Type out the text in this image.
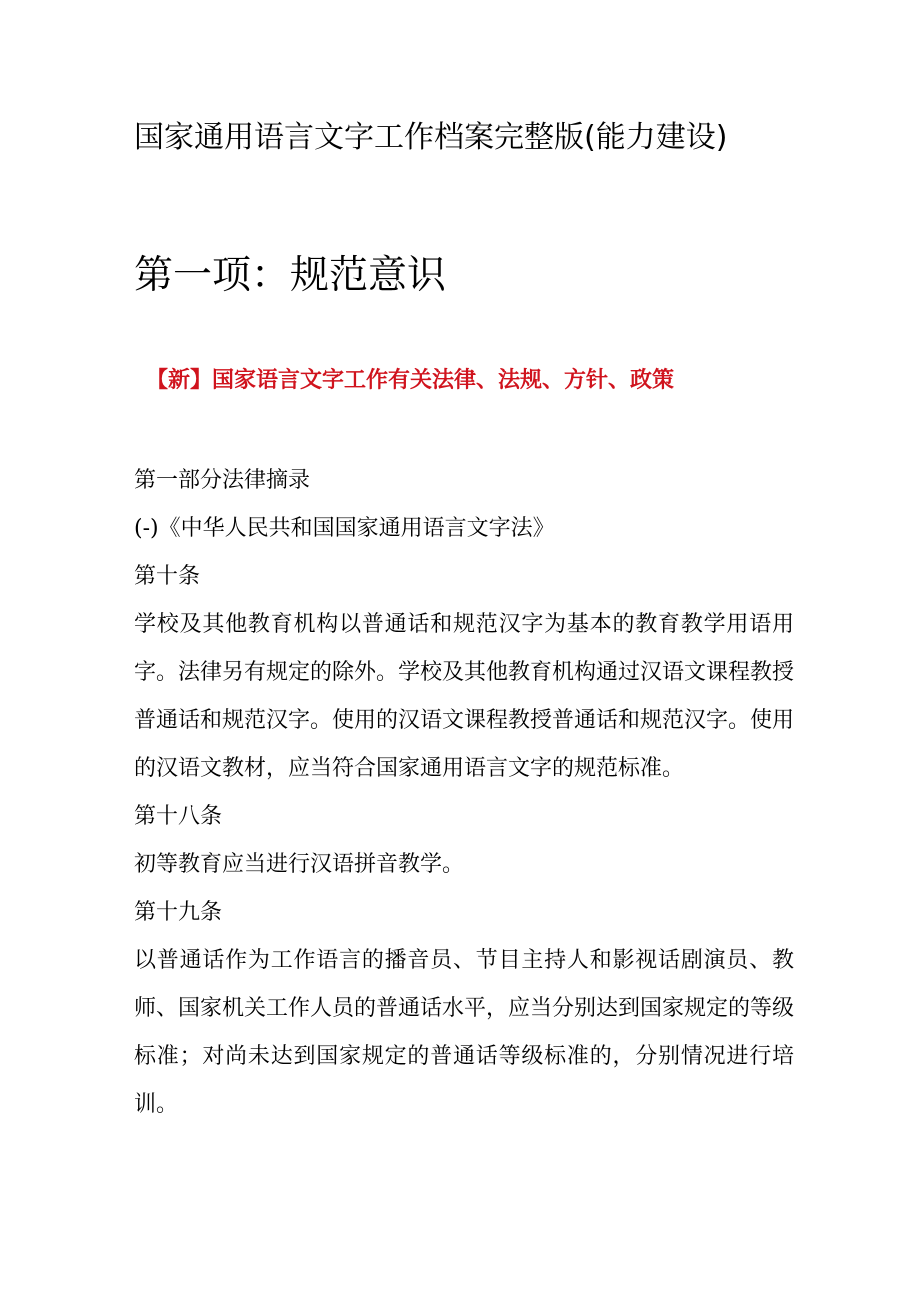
国家通用语言文字工作档案完整版(能力建设)
第一项：规范意识
【新】国家语言文字工作有关法律、法规、方针、政策

第一部分法律摘录

(-)《中华人民共和国国家通用语言文字法》

第十条

学校及其他教育机构以普通话和规范汉字为基本的教育教学用语用字。法律另有规定的除外。学校及其他教育机构通过汉语文课程教授普通话和规范汉字。使用的汉语文课程教授普通话和规范汉字。使用的汉语文教材，应当符合国家通用语言文字的规范标准。

第十八条

初等教育应当进行汉语拼音教学。

第十九条

以普通话作为工作语言的播音员、节目主持人和影视话剧演员、教师、国家机关工作人员的普通话水平，应当分别达到国家规定的等级标准；对尚未达到国家规定的普通话等级标准的，分别情况进行培训。
